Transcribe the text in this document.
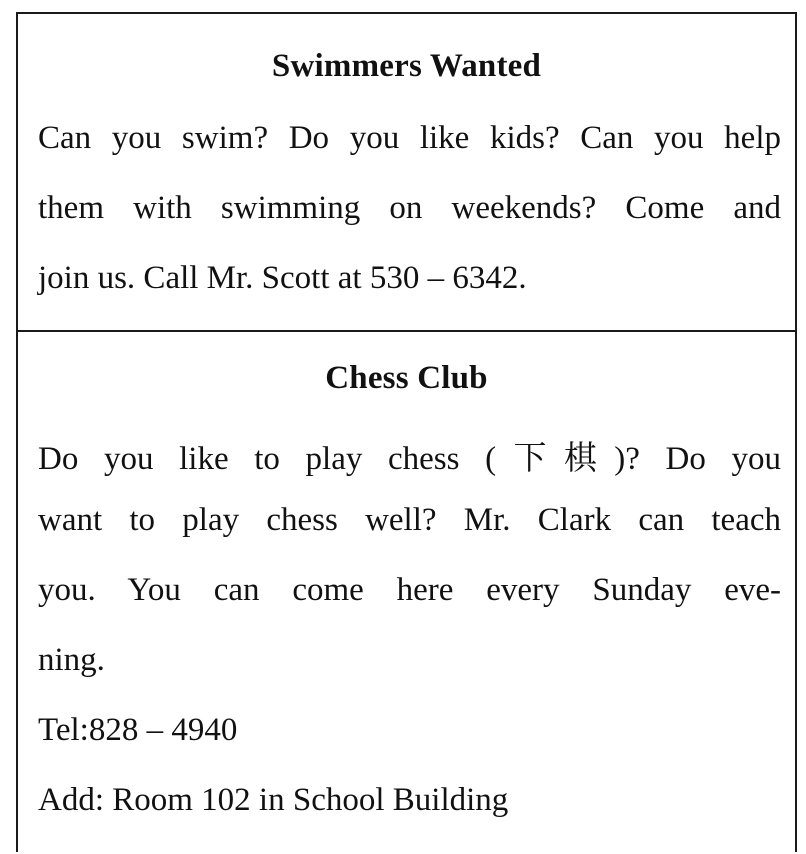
Swimmers Wanted
Can you swim? Do you like kids? Can you help
them with swimming on weekends? Come and
join us. Call Mr. Scott at 530 – 6342.
Chess Club
Do you like to play chess (下棋)? Do you
want to play chess well? Mr. Clark can teach
you. You can come here every Sunday eve-
ning.
Tel:828 – 4940
Add: Room 102 in School Building
